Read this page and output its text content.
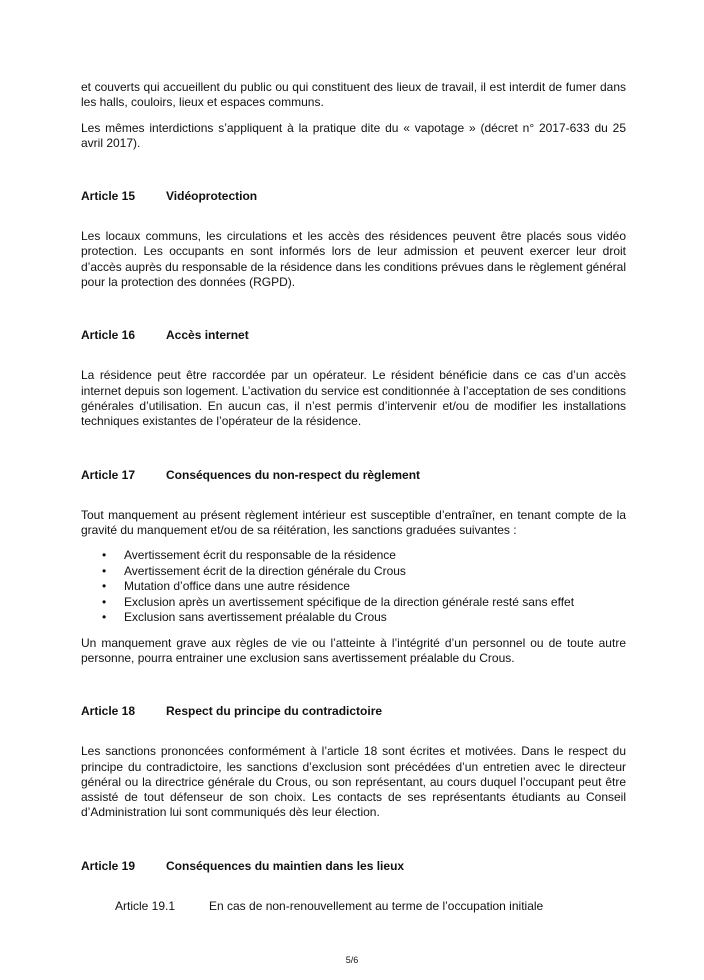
et couverts qui accueillent du public ou qui constituent des lieux de travail, il est interdit de fumer dans les halls, couloirs, lieux et espaces communs.

Les mêmes interdictions s’appliquent à la pratique dite du « vapotage » (décret n° 2017-633 du 25 avril 2017).

Article 15	Vidéoprotection

Les locaux communs, les circulations et les accès des résidences peuvent être placés sous vidéo protection. Les occupants en sont informés lors de leur admission et peuvent exercer leur droit d’accès auprès du responsable de la résidence dans les conditions prévues dans le règlement général pour la protection des données (RGPD).

Article 16	Accès internet

La résidence peut être raccordée par un opérateur. Le résident bénéficie dans ce cas d’un accès internet depuis son logement. L’activation du service est conditionnée à l’acceptation de ses conditions générales d’utilisation. En aucun cas, il n’est permis d’intervenir et/ou de modifier les installations techniques existantes de l’opérateur de la résidence.

Article 17	Conséquences du non-respect du règlement

Tout manquement au présent règlement intérieur est susceptible d’entraîner, en tenant compte de la gravité du manquement et/ou de sa réitération, les sanctions graduées suivantes :

• Avertissement écrit du responsable de la résidence
• Avertissement écrit de la direction générale du Crous
• Mutation d’office dans une autre résidence
• Exclusion après un avertissement spécifique de la direction générale resté sans effet
• Exclusion sans avertissement préalable du Crous

Un manquement grave aux règles de vie ou l’atteinte à l’intégrité d’un personnel ou de toute autre personne, pourra entrainer une exclusion sans avertissement préalable du Crous.

Article 18	Respect du principe du contradictoire

Les sanctions prononcées conformément à l’article 18 sont écrites et motivées. Dans le respect du principe du contradictoire, les sanctions d’exclusion sont précédées d’un entretien avec le directeur général ou la directrice générale du Crous, ou son représentant, au cours duquel l’occupant peut être assisté de tout défenseur de son choix. Les contacts de ses représentants étudiants au Conseil d’Administration lui sont communiqués dès leur élection.

Article 19	Conséquences du maintien dans les lieux
Article 19.1	En cas de non-renouvellement au terme de l’occupation initiale
5/6
